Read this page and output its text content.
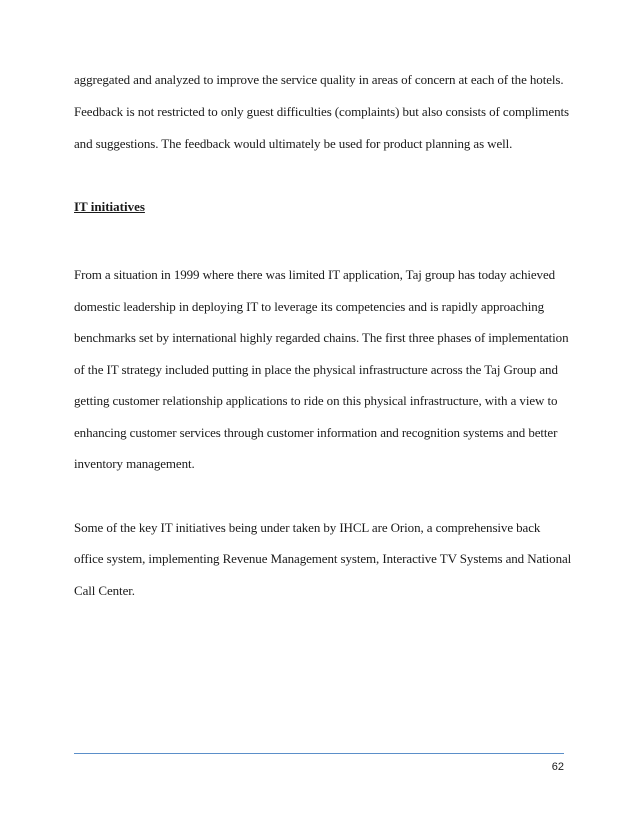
aggregated and analyzed to improve the service quality in areas of concern at each of the hotels.
Feedback is not restricted to only guest difficulties (complaints) but also consists of compliments
and suggestions. The feedback would ultimately be used for product planning as well.
IT initiatives
From a situation in 1999 where there was limited IT application, Taj group has today achieved
domestic leadership in deploying IT to leverage its competencies and is rapidly approaching
benchmarks set by international highly regarded chains. The first three phases of implementation
of the IT strategy included putting in place the physical infrastructure across the Taj Group and
getting customer relationship applications to ride on this physical infrastructure, with a view to
enhancing customer services through customer information and recognition systems and better
inventory management.
Some of the key IT initiatives being under taken by IHCL are Orion, a comprehensive back
office system, implementing Revenue Management system, Interactive TV Systems and National
Call Center.
62
